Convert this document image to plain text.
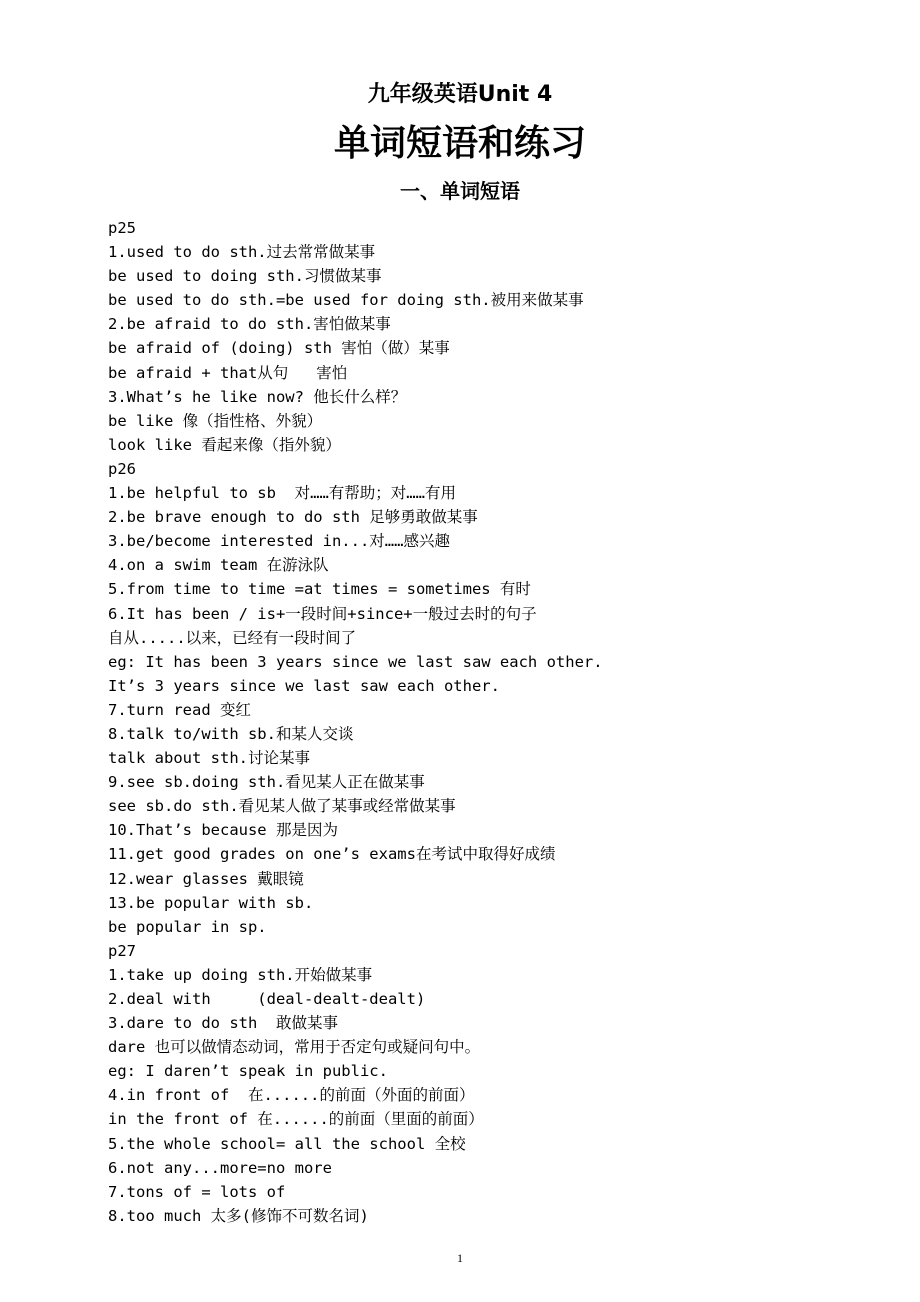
九年级英语Unit 4
单词短语和练习
一、单词短语
p25
1.used to do sth.过去常常做某事
be used to doing sth.习惯做某事
be used to do sth.=be used for doing sth.被用来做某事
2.be afraid to do sth.害怕做某事
be afraid of (doing) sth 害怕（做）某事
be afraid + that从句   害怕
3.What’s he like now? 他长什么样？
be like 像（指性格、外貌）
look like 看起来像（指外貌）
p26
1.be helpful to sb  对……有帮助；对……有用
2.be brave enough to do sth 足够勇敢做某事
3.be/become interested in...对……感兴趣
4.on a swim team 在游泳队
5.from time to time =at times = sometimes 有时
6.It has been / is+一段时间+since+一般过去时的句子
自从.....以来，已经有一段时间了
eg: It has been 3 years since we last saw each other.
It’s 3 years since we last saw each other.
7.turn read 变红
8.talk to/with sb.和某人交谈
talk about sth.讨论某事
9.see sb.doing sth.看见某人正在做某事
see sb.do sth.看见某人做了某事或经常做某事
10.That’s because 那是因为
11.get good grades on one’s exams在考试中取得好成绩
12.wear glasses 戴眼镜
13.be popular with sb.
be popular in sp.
p27
1.take up doing sth.开始做某事
2.deal with     (deal-dealt-dealt)
3.dare to do sth  敢做某事
dare 也可以做情态动词，常用于否定句或疑问句中。
eg: I daren’t speak in public.
4.in front of  在......的前面（外面的前面）
in the front of 在......的前面（里面的前面）
5.the whole school= all the school 全校
6.not any...more=no more
7.tons of = lots of
8.too much 太多(修饰不可数名词)
1
